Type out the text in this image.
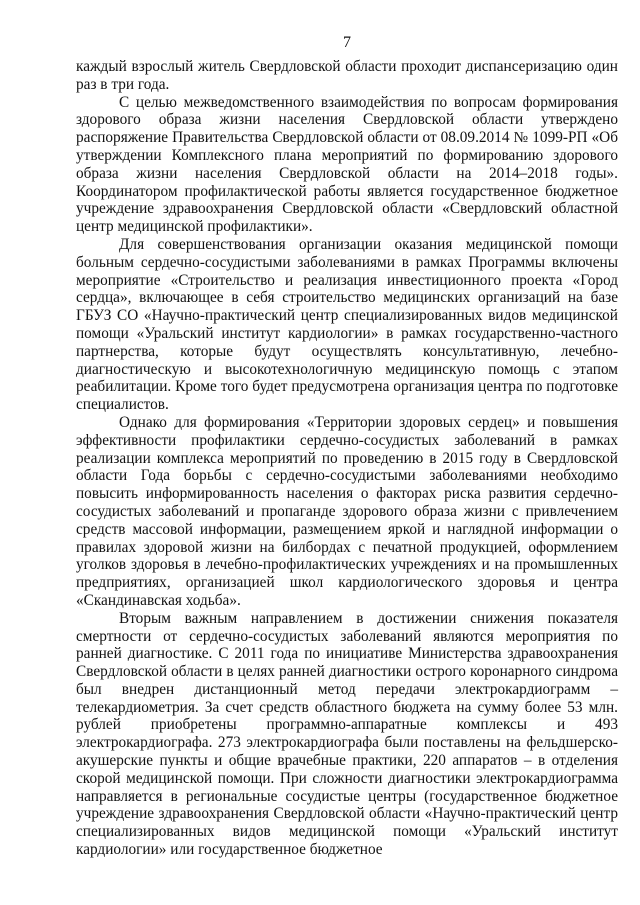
7

каждый взрослый житель Свердловской области проходит диспансеризацию один раз в три года.

С целью межведомственного взаимодействия по вопросам формирования здорового образа жизни населения Свердловской области утверждено распоряжение Правительства Свердловской области от 08.09.2014 № 1099-РП «Об утверждении Комплексного плана мероприятий по формированию здорового образа жизни населения Свердловской области на 2014–2018 годы». Координатором профилактической работы является государственное бюджетное учреждение здравоохранения Свердловской области «Свердловский областной центр медицинской профилактики».

Для совершенствования организации оказания медицинской помощи больным сердечно-сосудистыми заболеваниями в рамках Программы включены мероприятие «Строительство и реализация инвестиционного проекта «Город сердца», включающее в себя строительство медицинских организаций на базе ГБУЗ СО «Научно-практический центр специализированных видов медицинской помощи «Уральский институт кардиологии» в рамках государственно-частного партнерства, которые будут осуществлять консультативную, лечебно-диагностическую и высокотехнологичную медицинскую помощь с этапом реабилитации. Кроме того будет предусмотрена организация центра по подготовке специалистов.

Однако для формирования «Территории здоровых сердец» и повышения эффективности профилактики сердечно-сосудистых заболеваний в рамках реализации комплекса мероприятий по проведению в 2015 году в Свердловской области Года борьбы с сердечно-сосудистыми заболеваниями необходимо повысить информированность населения о факторах риска развития сердечно-сосудистых заболеваний и пропаганде здорового образа жизни с привлечением средств массовой информации, размещением яркой и наглядной информации о правилах здоровой жизни на билбордах с печатной продукцией, оформлением уголков здоровья в лечебно-профилактических учреждениях и на промышленных предприятиях, организацией школ кардиологического здоровья и центра «Скандинавская ходьба».

Вторым важным направлением в достижении снижения показателя смертности от сердечно-сосудистых заболеваний являются мероприятия по ранней диагностике. С 2011 года по инициативе Министерства здравоохранения Свердловской области в целях ранней диагностики острого коронарного синдрома был внедрен дистанционный метод передачи электрокардиограмм – телекардиометрия. За счет средств областного бюджета на сумму более 53 млн. рублей приобретены программно-аппаратные комплексы и 493 электрокардиографа. 273 электрокардиографа были поставлены на фельдшерско-акушерские пункты и общие врачебные практики, 220 аппаратов – в отделения скорой медицинской помощи. При сложности диагностики электрокардиограмма направляется в региональные сосудистые центры (государственное бюджетное учреждение здравоохранения Свердловской области «Научно-практический центр специализированных видов медицинской помощи «Уральский институт кардиологии» или государственное бюджетное
